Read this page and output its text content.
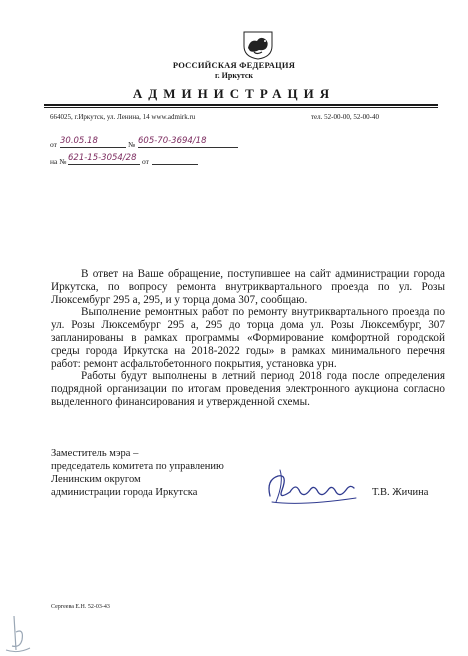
РОССИЙСКАЯ ФЕДЕРАЦИЯ
г. Иркутск
АДМИНИСТРАЦИЯ
664025, г.Иркутск, ул. Ленина, 14 www.admirk.ru	тел. 52-00-00, 52-00-40
от 30.05.18	№ 605-70-3694/18
на № 621-15-3054/28 от

В ответ на Ваше обращение, поступившее на сайт администрации города Иркутска, по вопросу ремонта внутриквартального проезда по ул. Розы Люксембург 295 а, 295, и у торца дома 307, сообщаю.

Выполнение ремонтных работ по ремонту внутриквартального проезда по ул. Розы Люксембург 295 а, 295 до торца дома ул. Розы Люксембург, 307 запланированы в рамках программы «Формирование комфортной городской среды города Иркутска на 2018-2022 годы» в рамках минимального перечня работ: ремонт асфальтобетонного покрытия, установка урн.

Работы будут выполнены в летний период 2018 года после определения подрядной организации по итогам проведения электронного аукциона согласно выделенного финансирования и утвержденной схемы.

Заместитель мэра –
председатель комитета по управлению
Ленинским округом
администрации города Иркутска	Т.В. Жичина
Сергеева Е.Н. 52-03-43
